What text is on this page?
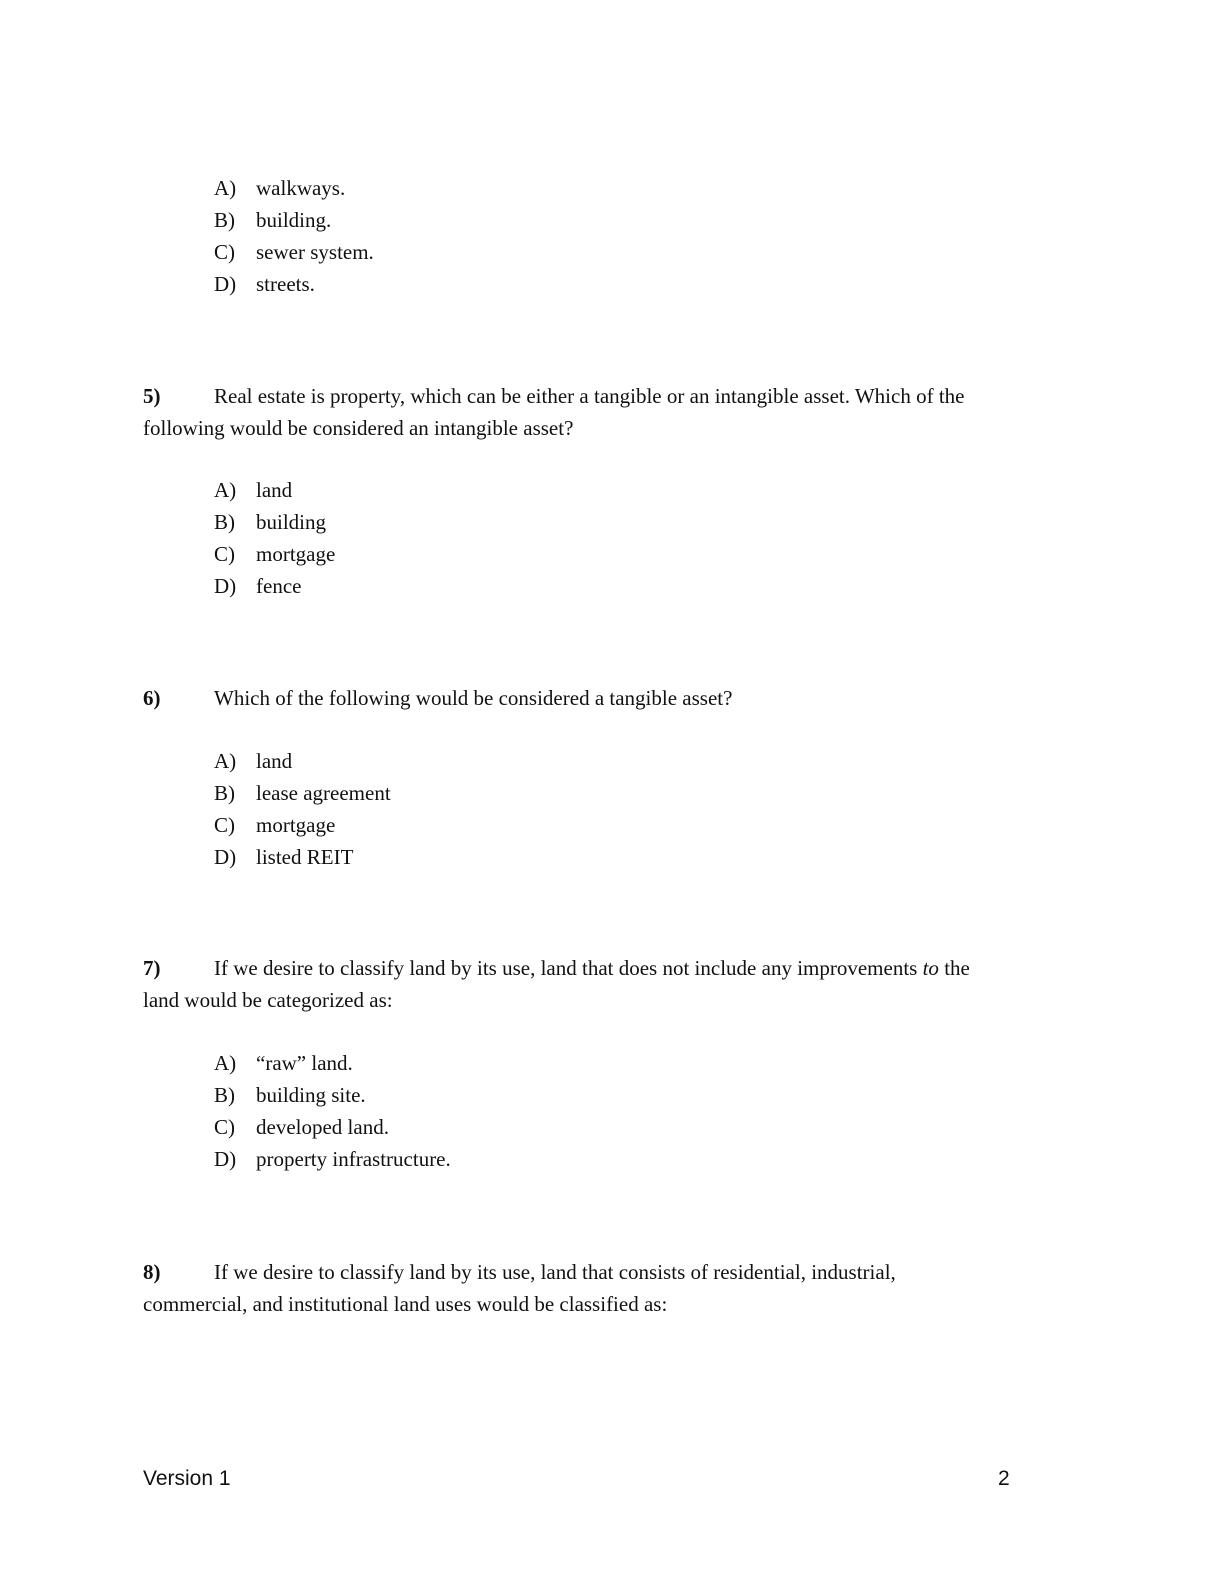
A) walkways.
B) building.
C) sewer system.
D) streets.
5)	Real estate is property, which can be either a tangible or an intangible asset. Which of the
following would be considered an intangible asset?
A) land
B) building
C) mortgage
D) fence
6)	Which of the following would be considered a tangible asset?
A) land
B) lease agreement
C) mortgage
D) listed REIT
7)	If we desire to classify land by its use, land that does not include any improvements to the
land would be categorized as:
A) “raw” land.
B) building site.
C) developed land.
D) property infrastructure.
8)	If we desire to classify land by its use, land that consists of residential, industrial,
commercial, and institutional land uses would be classified as:
Version 1	2
